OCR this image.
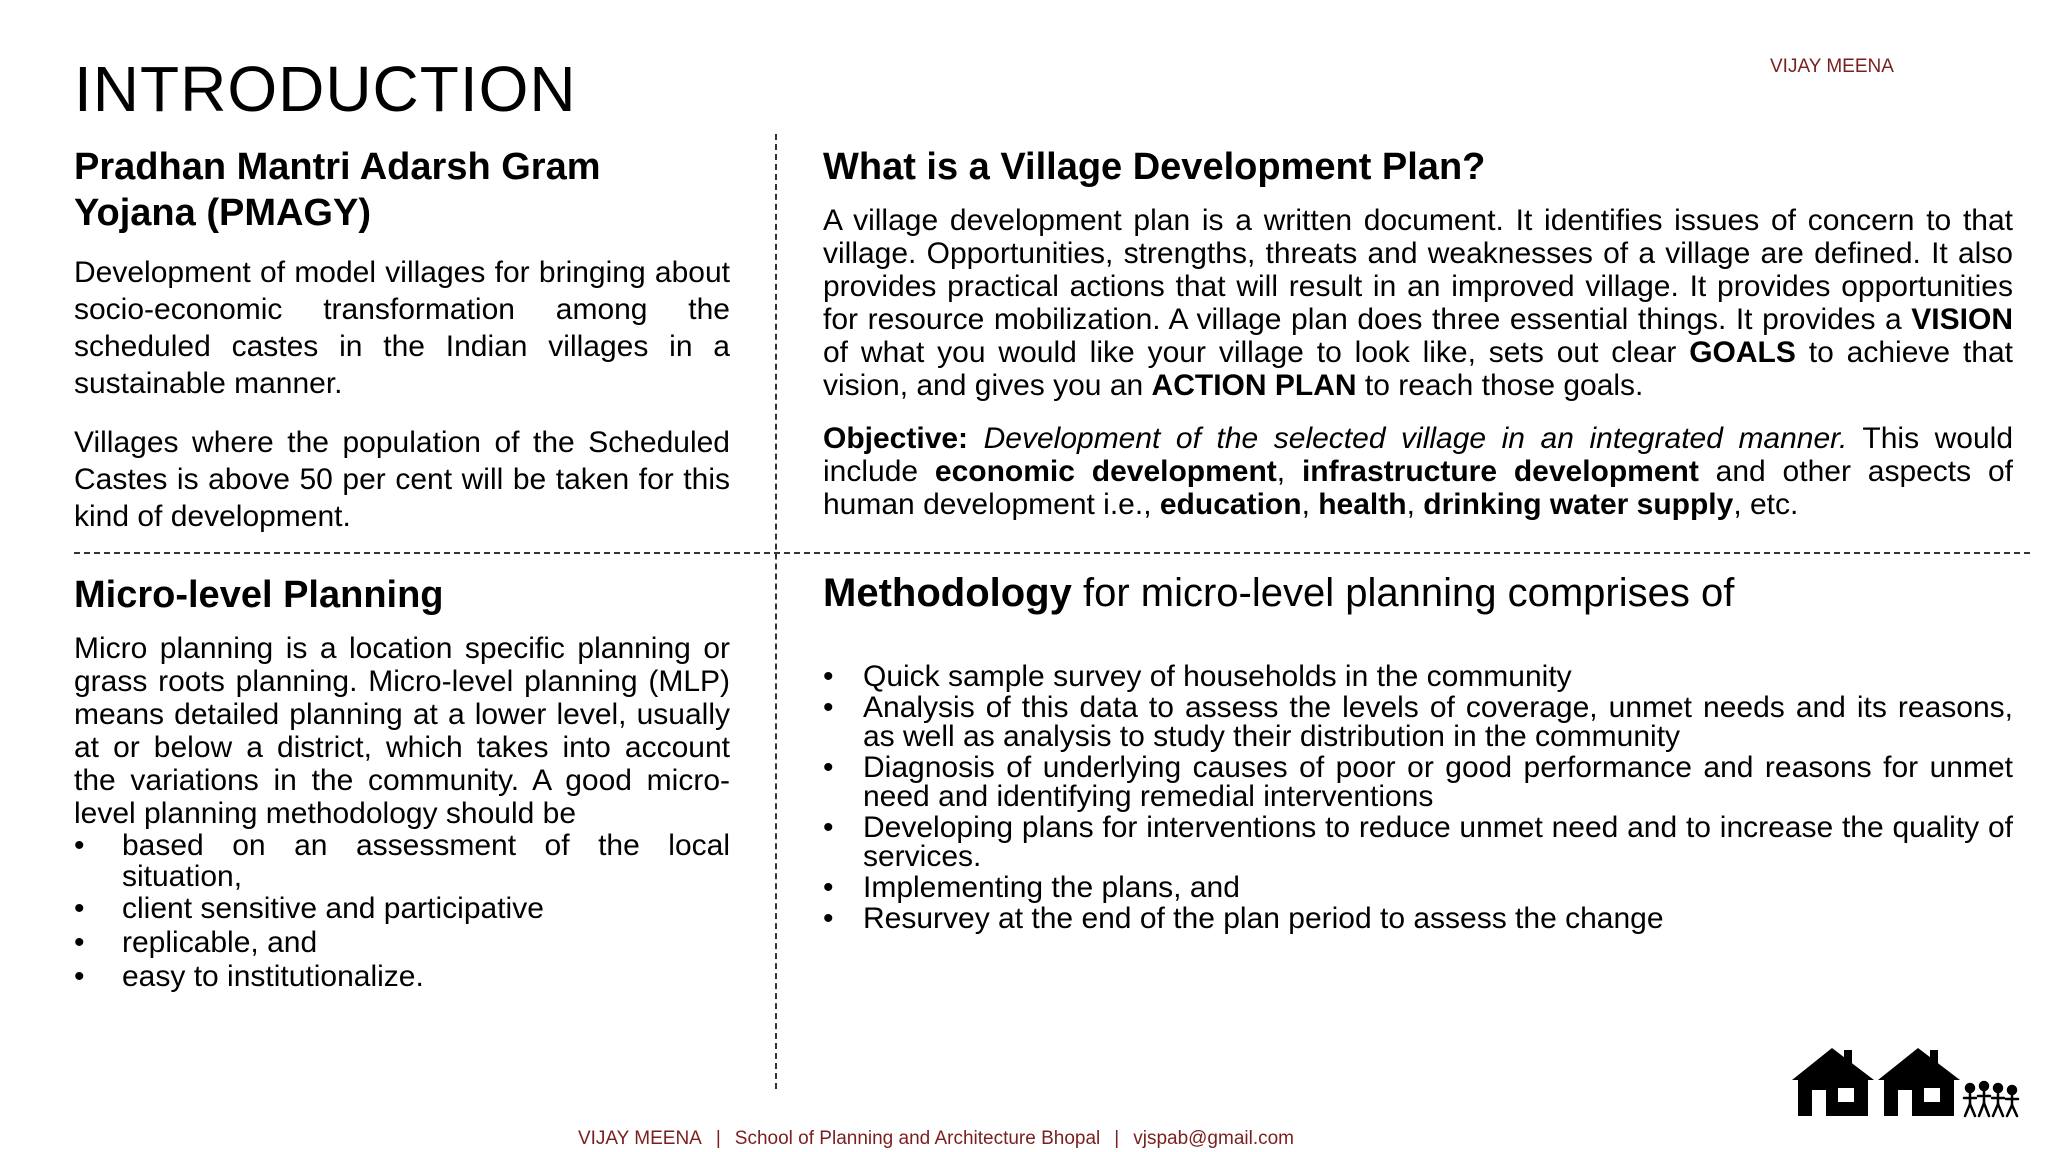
INTRODUCTION	VIJAY MEENA
Pradhan Mantri Adarsh Gram Yojana (PMAGY)

Development of model villages for bringing about socio-economic transformation among the scheduled castes in the Indian villages in a sustainable manner.

Villages where the population of the Scheduled Castes is above 50 per cent will be taken for this kind of development.

What is a Village Development Plan?

A village development plan is a written document. It identifies issues of concern to that village. Opportunities, strengths, threats and weaknesses of a village are defined. It also provides practical actions that will result in an improved village. It provides opportunities for resource mobilization. A village plan does three essential things. It provides a VISION of what you would like your village to look like, sets out clear GOALS to achieve that vision, and gives you an ACTION PLAN to reach those goals.

Objective: Development of the selected village in an integrated manner. This would include economic development, infrastructure development and other aspects of human development i.e., education, health, drinking water supply, etc.

Micro-level Planning

Micro planning is a location specific planning or grass roots planning. Micro-level planning (MLP) means detailed planning at a lower level, usually at or below a district, which takes into account the variations in the community. A good micro-level planning methodology should be

• based on an assessment of the local situation,
• client sensitive and participative
• replicable, and
• easy to institutionalize.
Methodology for micro-level planning comprises of
• Quick sample survey of households in the community
• Analysis of this data to assess the levels of coverage, unmet needs and its reasons, as well as analysis to study their distribution in the community
• Diagnosis of underlying causes of poor or good performance and reasons for unmet need and identifying remedial interventions
• Developing plans for interventions to reduce unmet need and to increase the quality of services.
• Implementing the plans, and
• Resurvey at the end of the plan period to assess the change
VIJAY MEENA | School of Planning and Architecture Bhopal | vjspab@gmail.com
